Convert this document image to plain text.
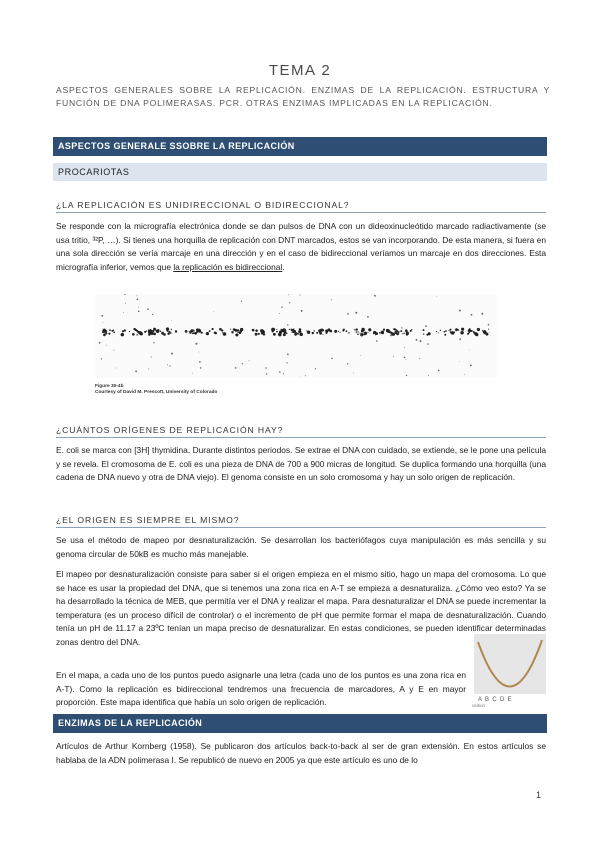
TEMA 2
ASPECTOS GENERALES SOBRE LA REPLICACIÓN. ENZIMAS DE LA REPLICACIÓN. ESTRUCTURA Y FUNCIÓN DE DNA POLIMERASAS. PCR. OTRAS ENZIMAS IMPLICADAS EN LA REPLICACIÓN.
ASPECTOS GENERALE SSOBRE LA REPLICACIÓN
PROCARIOTAS
¿LA REPLICACIÓN ES UNIDIRECCIONAL O BIDIRECCIONAL?
Se responde con la micrografía electrónica donde se dan pulsos de DNA con un dideoxinucleótido marcado radiactivamente (se usa tritio, ³²P, …). Si tienes una horquilla de replicación con DNT marcados, estos se van incorporando. De esta manera, si fuera en una sola dirección se vería marcaje en una dirección y en el caso de bidireccional veríamos un marcaje en dos direcciones. Esta micrografía inferior, vemos que la replicación es bidireccional.
Figure 30-4b
Courtesy of David M. Prescott, University of Colorado
¿CUÁNTOS ORÍGENES DE REPLICACIÓN HAY?
E. coli se marca con [3H] thymidina. Durante distintos periodos. Se extrae el DNA con cuidado, se extiende, se le pone una película y se revela. El cromosoma de E. coli es una pieza de DNA de 700 a 900 micras de longitud. Se duplica formando una horquilla (una cadena de DNA nuevo y otra de DNA viejo). El genoma consiste en un solo cromosoma y hay un solo origen de replicación.
¿EL ORIGEN ES SIEMPRE EL MISMO?
Se usa el método de mapeo por desnaturalización. Se desarrollan los bacteriófagos cuya manipulación es más sencilla y su genoma circular de 50kB es mucho más manejable.
El mapeo por desnaturalización consiste para saber si el origen empieza en el mismo sitio, hago un mapa del cromosoma. Lo que se hace es usar la propiedad del DNA, que si tenemos una zona rica en A-T se empieza a desnaturaliza. ¿Cómo veo esto? Ya se ha desarrollado la técnica de MEB, que permitía ver el DNA y realizar el mapa. Para desnaturalizar el DNA se puede incrementar la temperatura (es un proceso difícil de controlar) o el incremento de pH que permite formar el mapa de desnaturalización. Cuando tenía un pH de 11.17 a 23ºC tenían un mapa preciso de desnaturalizar. En estas condiciones, se pueden identificar determinadas zonas dentro del DNA.
En el mapa, a cada uno de los puntos puedo asignarle una letra (cada uno de los puntos es una zona rica en A-T). Como la replicación es bidireccional tendremos una frecuencia de marcadores, A y E en mayor proporción. Este mapa identifica que había un solo origen de replicación.	A  B  C  D  E
osition
ENZIMAS DE LA REPLICACIÓN
Artículos de Arthur Kornberg (1958). Se publicaron dos artículos back-to-back al ser de gran extensión. En estos artículos se hablaba de la ADN polimerasa I. Se republicó de nuevo en 2005 ya que este artículo es uno de lo
1
